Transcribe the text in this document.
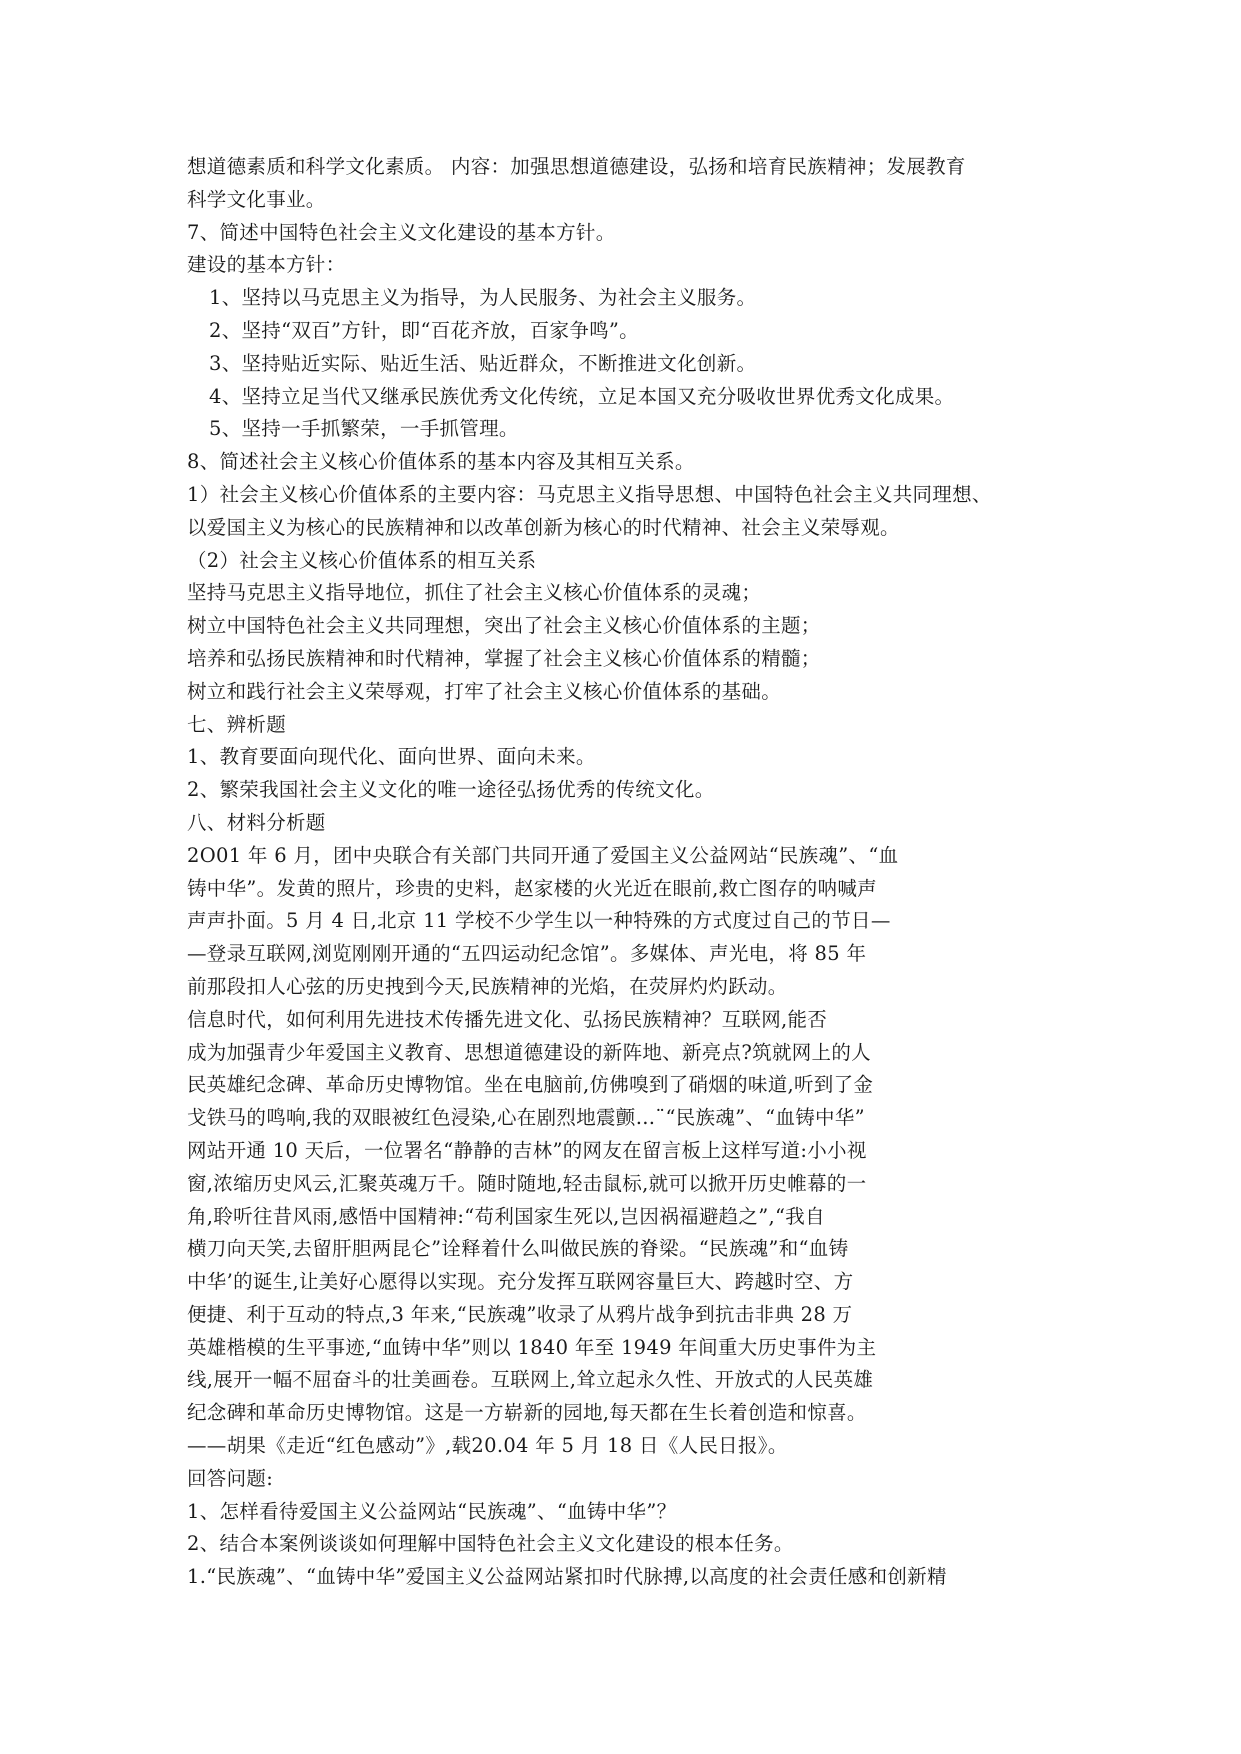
想道德素质和科学文化素质。 内容：加强思想道德建设，弘扬和培育民族精神；发展教育
科学文化事业。
7、简述中国特色社会主义文化建设的基本方针。
建设的基本方针：
1、坚持以马克思主义为指导，为人民服务、为社会主义服务。
2、坚持“双百”方针，即“百花齐放，百家争鸣”。
3、坚持贴近实际、贴近生活、贴近群众，不断推进文化创新。
4、坚持立足当代又继承民族优秀文化传统，立足本国又充分吸收世界优秀文化成果。
5、坚持一手抓繁荣，一手抓管理。
8、简述社会主义核心价值体系的基本内容及其相互关系。
1）社会主义核心价值体系的主要内容：马克思主义指导思想、中国特色社会主义共同理想、
以爱国主义为核心的民族精神和以改革创新为核心的时代精神、社会主义荣辱观。
（2）社会主义核心价值体系的相互关系
坚持马克思主义指导地位，抓住了社会主义核心价值体系的灵魂；
树立中国特色社会主义共同理想，突出了社会主义核心价值体系的主题；
培养和弘扬民族精神和时代精神，掌握了社会主义核心价值体系的精髓；
树立和践行社会主义荣辱观，打牢了社会主义核心价值体系的基础。
七、辨析题
1、教育要面向现代化、面向世界、面向未来。
2、繁荣我国社会主义文化的唯一途径弘扬优秀的传统文化。
八、材料分析题
2O01 年 6 月，团中央联合有关部门共同开通了爱国主义公益网站“民族魂”、“血
铸中华”。发黄的照片，珍贵的史料，赵家楼的火光近在眼前,救亡图存的呐喊声
声声扑面。5 月 4 日,北京 11 学校不少学生以一种特殊的方式度过自己的节日—
—登录互联网,浏览刚刚开通的“五四运动纪念馆”。多媒体、声光电，将 85 年
前那段扣人心弦的历史拽到今天,民族精神的光焰，在荧屏灼灼跃动。
信息时代，如何利用先进技术传播先进文化、弘扬民族精神？互联网,能否
成为加强青少年爱国主义教育、思想道德建设的新阵地、新亮点?筑就网上的人
民英雄纪念碑、革命历史博物馆。坐在电脑前,仿佛嗅到了硝烟的味道,听到了金
戈铁马的鸣响,我的双眼被红色浸染,心在剧烈地震颤…¨“民族魂”、“血铸中华”
网站开通 10 天后，一位署名“静静的吉林”的网友在留言板上这样写道:小小视
窗,浓缩历史风云,汇聚英魂万千。随时随地,轻击鼠标,就可以掀开历史帷幕的一
角,聆听往昔风雨,感悟中国精神:“苟利国家生死以,岂因祸福避趋之”,“我自
横刀向天笑,去留肝胆两昆仑”诠释着什么叫做民族的脊梁。“民族魂”和“血铸
中华’的诞生,让美好心愿得以实现。充分发挥互联网容量巨大、跨越时空、方
便捷、利于互动的特点,3 年来,“民族魂”收录了从鸦片战争到抗击非典 28 万
英雄楷模的生平事迹,“血铸中华”则以 1840 年至 1949 年间重大历史事件为主
线,展开一幅不屈奋斗的壮美画卷。互联网上,耸立起永久性、开放式的人民英雄
纪念碑和革命历史博物馆。这是一方崭新的园地,每天都在生长着创造和惊喜。
——胡果《走近“红色感动”》,载20.04 年 5 月 18 日《人民日报》。
回答问题:
1、怎样看待爱国主义公益网站“民族魂”、“血铸中华”？
2、结合本案例谈谈如何理解中国特色社会主义文化建设的根本任务。
1.“民族魂”、“血铸中华”爱国主义公益网站紧扣时代脉搏,以高度的社会责任感和创新精
